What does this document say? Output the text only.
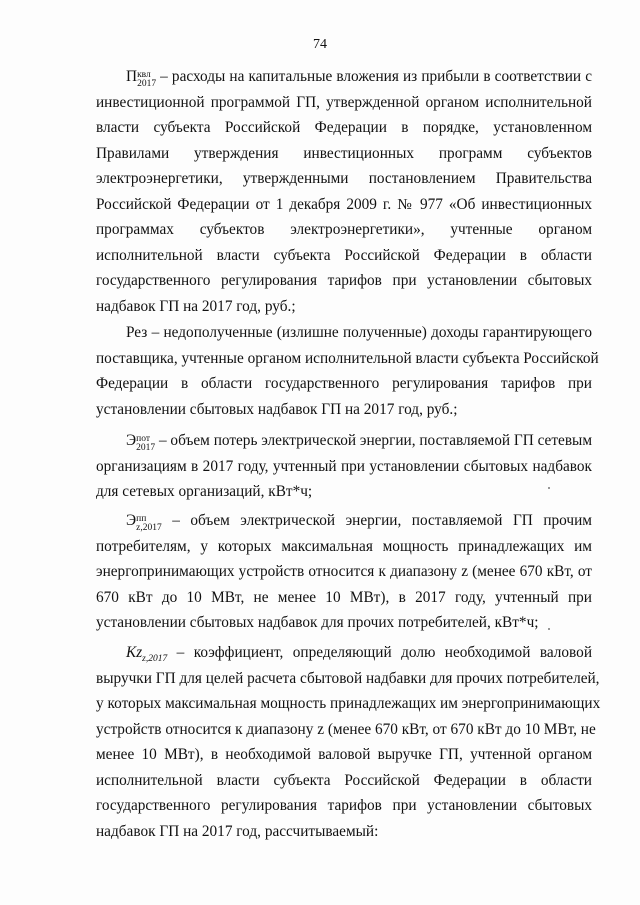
74
П квл
2017 – расходы на капитальные вложения из прибыли в соответствии с
инвестиционной программой ГП, утвержденной органом исполнительной
власти субъекта Российской Федерации в порядке, установленном
Правилами утверждения инвестиционных программ субъектов
электроэнергетики, утвержденными постановлением Правительства
Российской Федерации от 1 декабря 2009 г. № 977 «Об инвестиционных
программах субъектов электроэнергетики», учтенные органом
исполнительной власти субъекта Российской Федерации в области
государственного регулирования тарифов при установлении сбытовых
надбавок ГП на 2017 год, руб.;
Рез – недополученные (излишне полученные) доходы гарантирующего
поставщика, учтенные органом исполнительной власти субъекта Российской
Федерации в области государственного регулирования тарифов при
установлении сбытовых надбавок ГП на 2017 год, руб.;
Э пот
2017 – объем потерь электрической энергии, поставляемой ГП сетевым
организациям в 2017 году, учтенный при установлении сбытовых надбавок
для сетевых организаций, кВт*ч;
Э пп
z,2017 – объем электрической энергии, поставляемой ГП прочим
потребителям, у которых максимальная мощность принадлежащих им
энергопринимающих устройств относится к диапазону z (менее 670 кВт, от
670 кВт до 10 МВт, не менее 10 МВт), в 2017 году, учтенный при
установлении сбытовых надбавок для прочих потребителей, кВт*ч;
$Kz_{z,2017}$ – коэффициент, определяющий долю необходимой валовой
выручки ГП для целей расчета сбытовой надбавки для прочих потребителей,
у которых максимальная мощность принадлежащих им энергопринимающих
устройств относится к диапазону z (менее 670 кВт, от 670 кВт до 10 МВт, не
менее 10 МВт), в необходимой валовой выручке ГП, учтенной органом
исполнительной власти субъекта Российской Федерации в области
государственного регулирования тарифов при установлении сбытовых
надбавок ГП на 2017 год, рассчитываемый:
